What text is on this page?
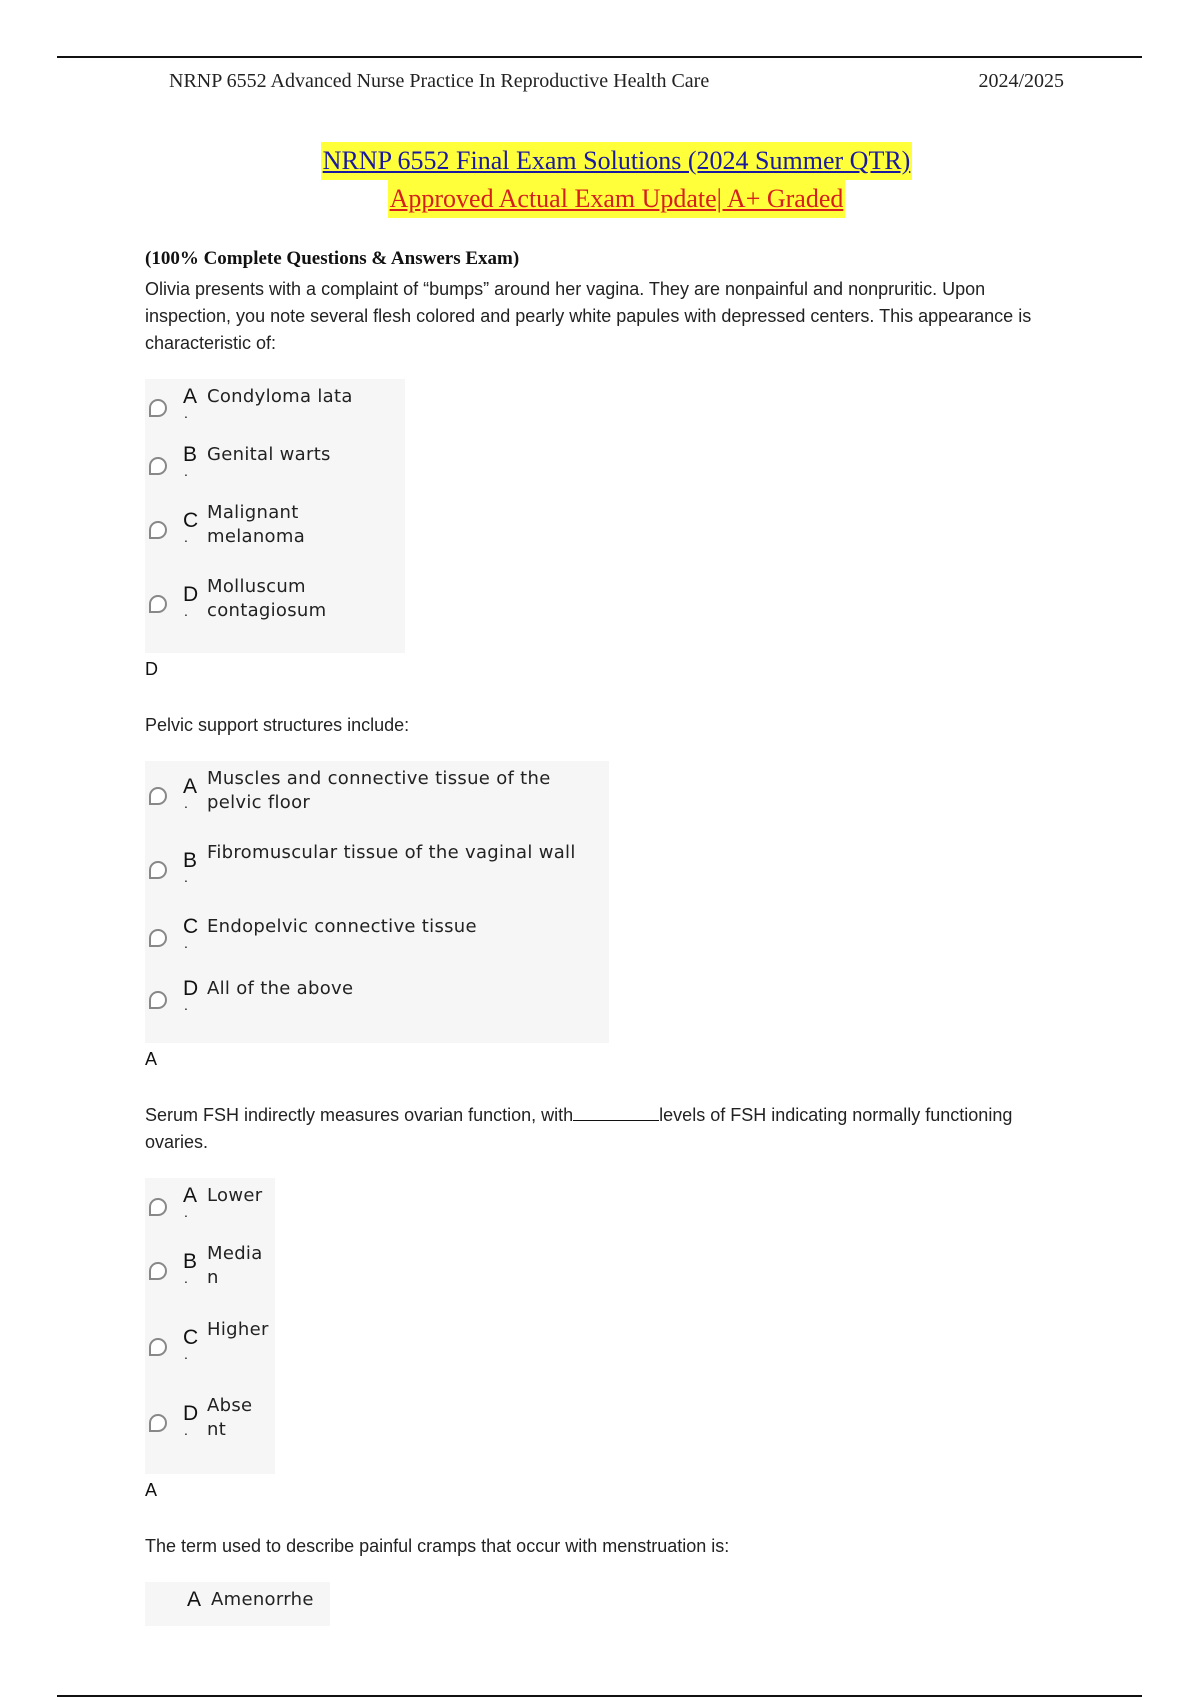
NRNP 6552 Advanced Nurse Practice In Reproductive Health Care	2024/2025
NRNP 6552 Final Exam Solutions (2024 Summer QTR)
Approved Actual Exam Update| A+ Graded
(100% Complete Questions & Answers Exam)
Olivia presents with a complaint of “bumps” around her vagina. They are nonpainful and nonpruritic. Upon inspection, you note several flesh colored and pearly white papules with depressed centers. This appearance is characteristic of:
A
.
Condyloma lata
B
.
Genital warts
C
.
Malignant melanoma
D
.
Molluscum contagiosum
D
Pelvic support structures include:
A
.
Muscles and connective tissue of the pelvic floor
B
.
Fibromuscular tissue of the vaginal wall
C
.
Endopelvic connective tissue
D
.
All of the above
A
Serum FSH indirectly measures ovarian function, with	levels of FSH indicating normally functioning ovaries.
A
.
Lower
B
.
Median
C
.
Higher
D
.
Absent
A
The term used to describe painful cramps that occur with menstruation is:
A Amenorrhe
